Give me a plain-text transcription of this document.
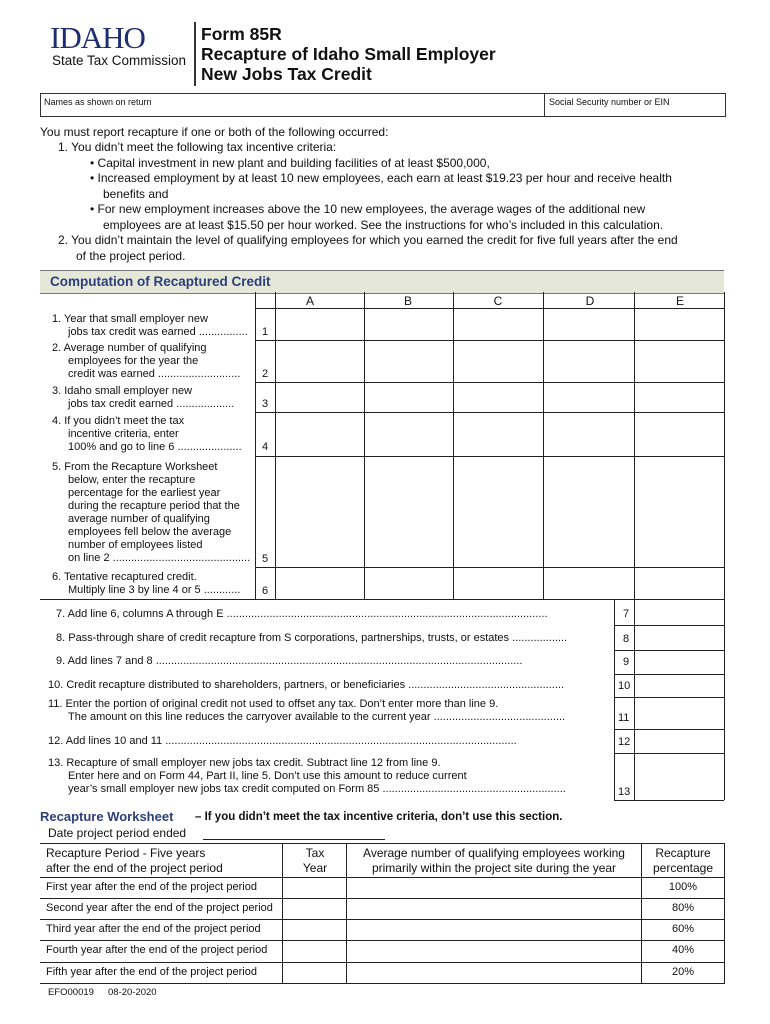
IDAHO
State Tax Commission
Form 85R
Recapture of Idaho Small Employer
New Jobs Tax Credit
Names as shown on return	Social Security number or EIN
You must report recapture if one or both of the following occurred:
1. You didn’t meet the following tax incentive criteria:
• Capital investment in new plant and building facilities of at least $500,000,
• Increased employment by at least 10 new employees, each earn at least $19.23 per hour and receive health
benefits and
• For new employment increases above the 10 new employees, the average wages of the additional new
employees are at least $15.50 per hour worked. See the instructions for who’s included in this calculation.
2. You didn’t maintain the level of qualifying employees for which you earned the credit for five full years after the end
of the project period.
Computation of Recaptured Credit
A	B	C	D	E
1. Year that small employer new
jobs tax credit was earned ................ 1
2. Average number of qualifying
employees for the year the
credit was earned ........................... 2
3. Idaho small employer new
jobs tax credit earned ...................	3
4. If you didn’t meet the tax
incentive criteria, enter
100% and go to line 6 ..................... 4
5. From the Recapture Worksheet
below, enter the recapture
percentage for the earliest year
during the recapture period that the
average number of qualifying
employees fell below the average
number of employees listed
on line 2 ............................................. 5
6. Tentative recaptured credit.
Multiply line 3 by line 4 or 5 ............ 6
7. Add line 6, columns A through E .........................................................................................................	7
8. Pass-through share of credit recapture from S corporations, partnerships, trusts, or estates ..................	8
9. Add lines 7 and 8 ........................................................................................................................	9
10. Credit recapture distributed to shareholders, partners, or beneficiaries ...................................................	10
11. Enter the portion of original credit not used to offset any tax. Don’t enter more than line 9.
The amount on this line reduces the carryover available to the current year ...........................................	11
12. Add lines 10 and 11 ...................................................................................................................	12
13. Recapture of small employer new jobs tax credit. Subtract line 12 from line 9.
Enter here and on Form 44, Part II, line 5. Don’t use this amount to reduce current
year’s small employer new jobs tax credit computed on Form 85 ............................................................	13
Recapture Worksheet – If you didn’t meet the tax incentive criteria, don’t use this section.
Date project period ended
Recapture Period - Five years
after the end of the project period
Tax
Year
Average number of qualifying employees working
primarily within the project site during the year
Recapture
percentage
First year after the end of the project period	100%
Second year after the end of the project period	80%
Third year after the end of the project period	60%
Fourth year after the end of the project period	40%
Fifth year after the end of the project period	20%
EFO00019 08-20-2020
